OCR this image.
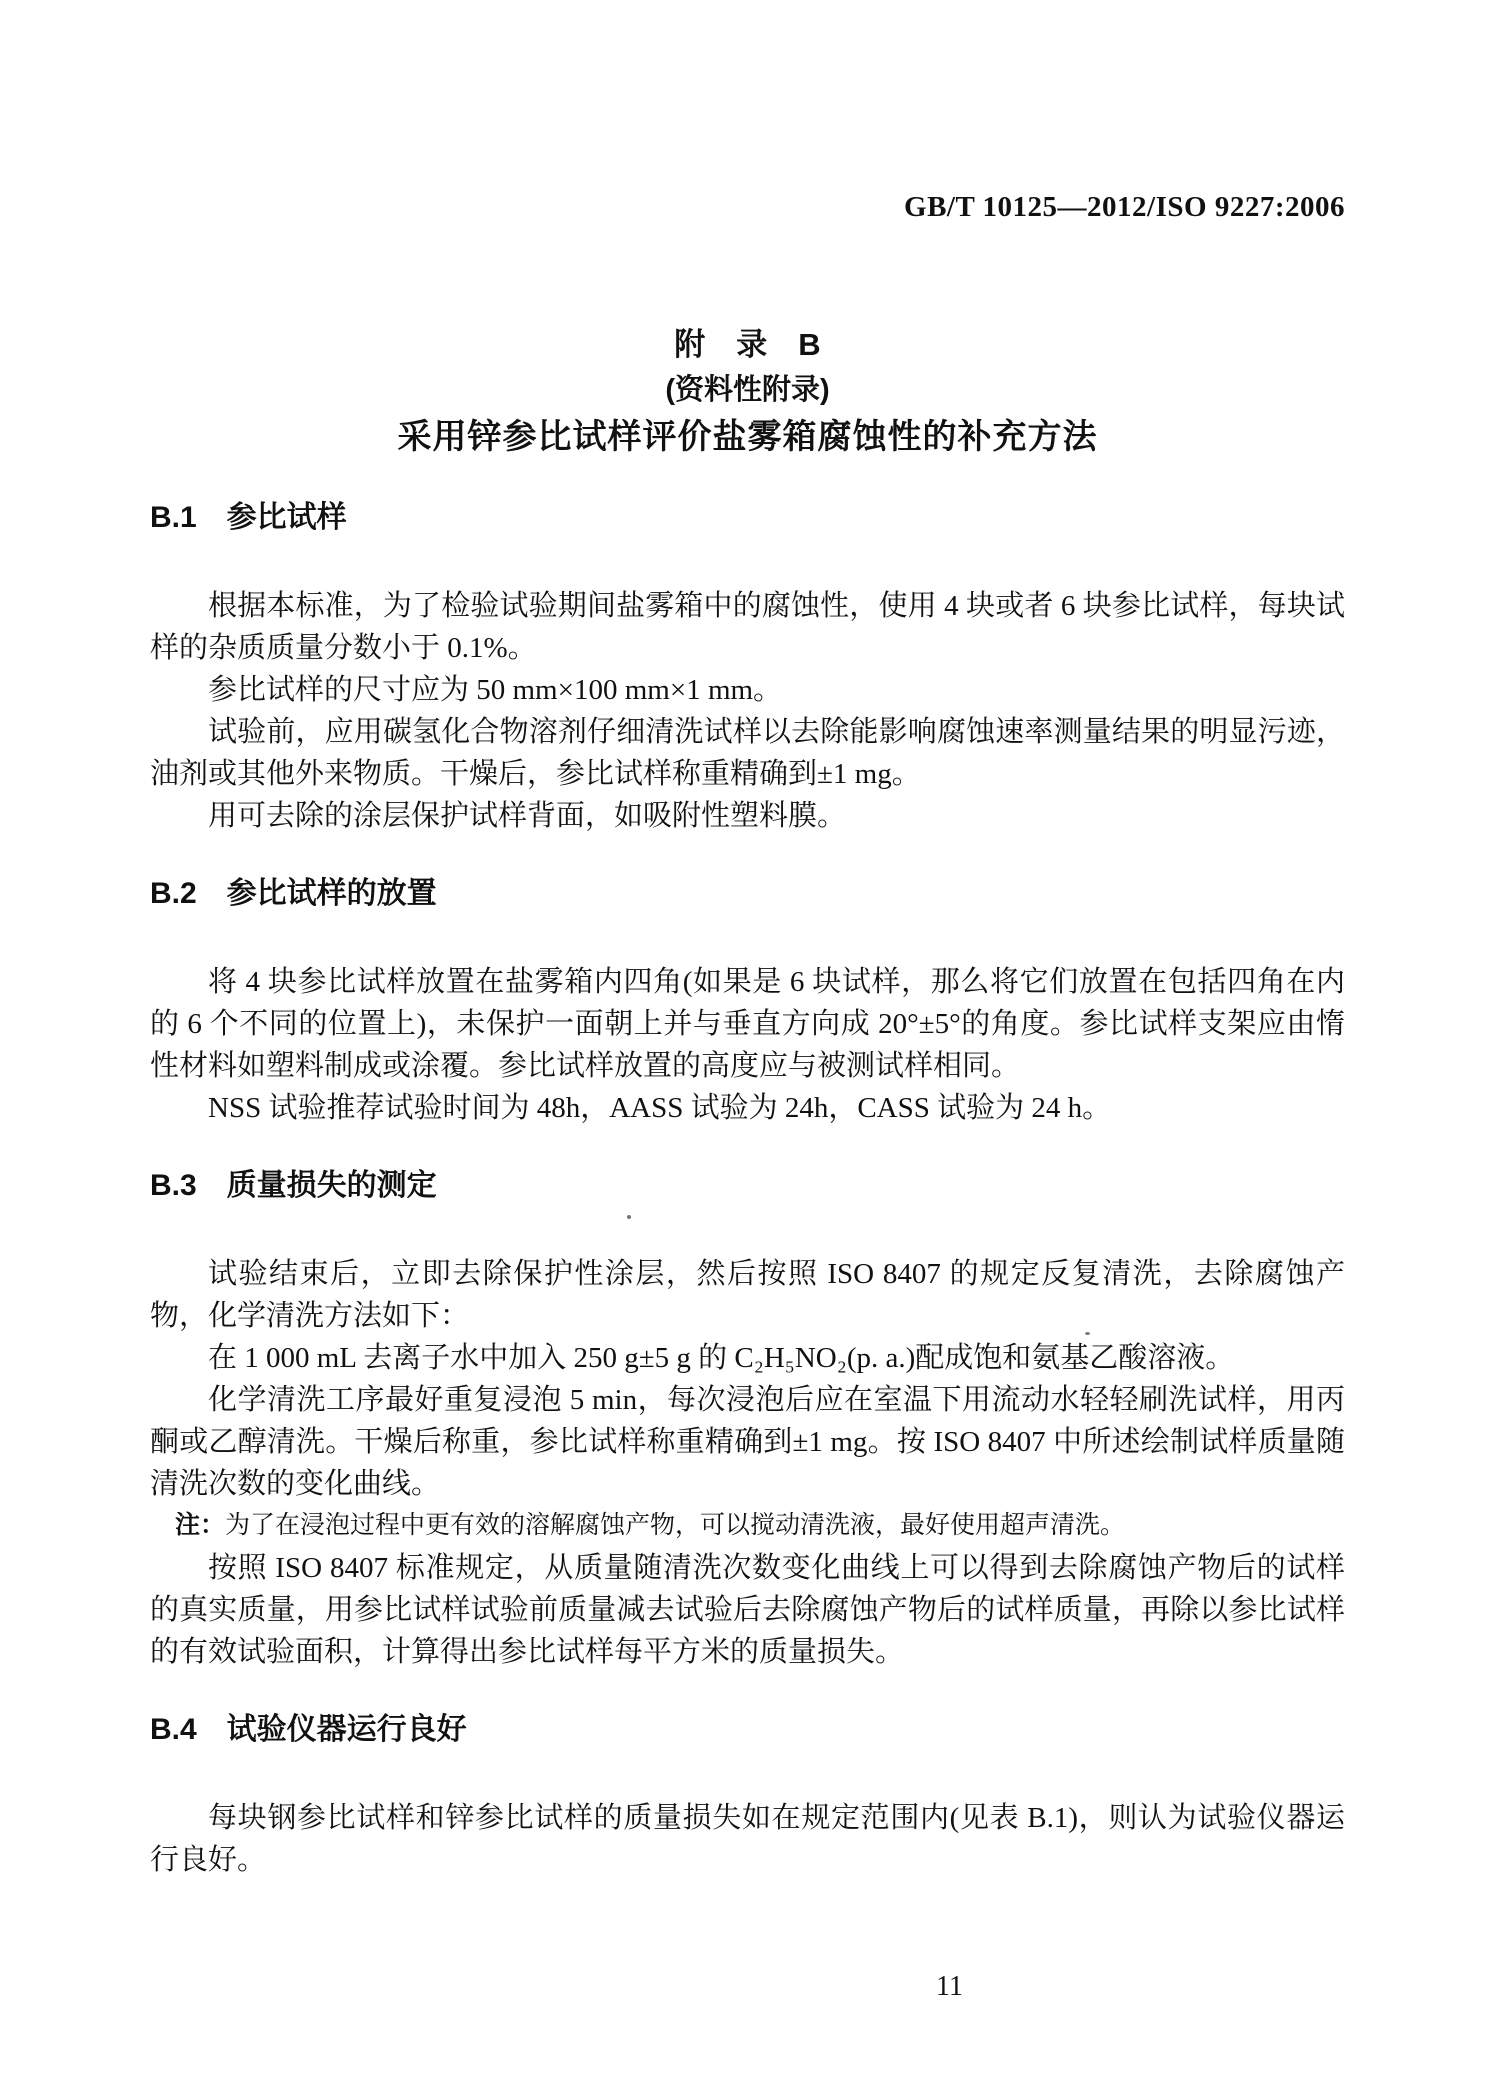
GB/T 10125—2012/ISO 9227:2006
附　录　B
(资料性附录)
采用锌参比试样评价盐雾箱腐蚀性的补充方法
B.1　参比试样

根据本标准，为了检验试验期间盐雾箱中的腐蚀性，使用 4 块或者 6 块参比试样，每块试样的杂质质量分数小于 0.1%。

参比试样的尺寸应为 50 mm×100 mm×1 mm。

试验前，应用碳氢化合物溶剂仔细清洗试样以去除能影响腐蚀速率测量结果的明显污迹，油剂或其他外来物质。干燥后，参比试样称重精确到±1 mg。

用可去除的涂层保护试样背面，如吸附性塑料膜。

B.2　参比试样的放置

将 4 块参比试样放置在盐雾箱内四角(如果是 6 块试样，那么将它们放置在包括四角在内的 6 个不同的位置上)，未保护一面朝上并与垂直方向成 20°±5°的角度。参比试样支架应由惰性材料如塑料制成或涂覆。参比试样放置的高度应与被测试样相同。

NSS 试验推荐试验时间为 48h，AASS 试验为 24h，CASS 试验为 24 h。

B.3　质量损失的测定

试验结束后，立即去除保护性涂层，然后按照 ISO 8407 的规定反复清洗，去除腐蚀产物，化学清洗方法如下：

在 1 000 mL 去离子水中加入 250 g±5 g 的 C₂H₅NO₂(p. a.)配成饱和氨基乙酸溶液。

化学清洗工序最好重复浸泡 5 min，每次浸泡后应在室温下用流动水轻轻刷洗试样，用丙酮或乙醇清洗。干燥后称重，参比试样称重精确到±1 mg。按 ISO 8407 中所述绘制试样质量随清洗次数的变化曲线。

注：为了在浸泡过程中更有效的溶解腐蚀产物，可以搅动清洗液，最好使用超声清洗。

按照 ISO 8407 标准规定，从质量随清洗次数变化曲线上可以得到去除腐蚀产物后的试样的真实质量，用参比试样试验前质量减去试验后去除腐蚀产物后的试样质量，再除以参比试样的有效试验面积，计算得出参比试样每平方米的质量损失。

B.4　试验仪器运行良好

每块钢参比试样和锌参比试样的质量损失如在规定范围内(见表 B.1)，则认为试验仪器运行良好。

11
